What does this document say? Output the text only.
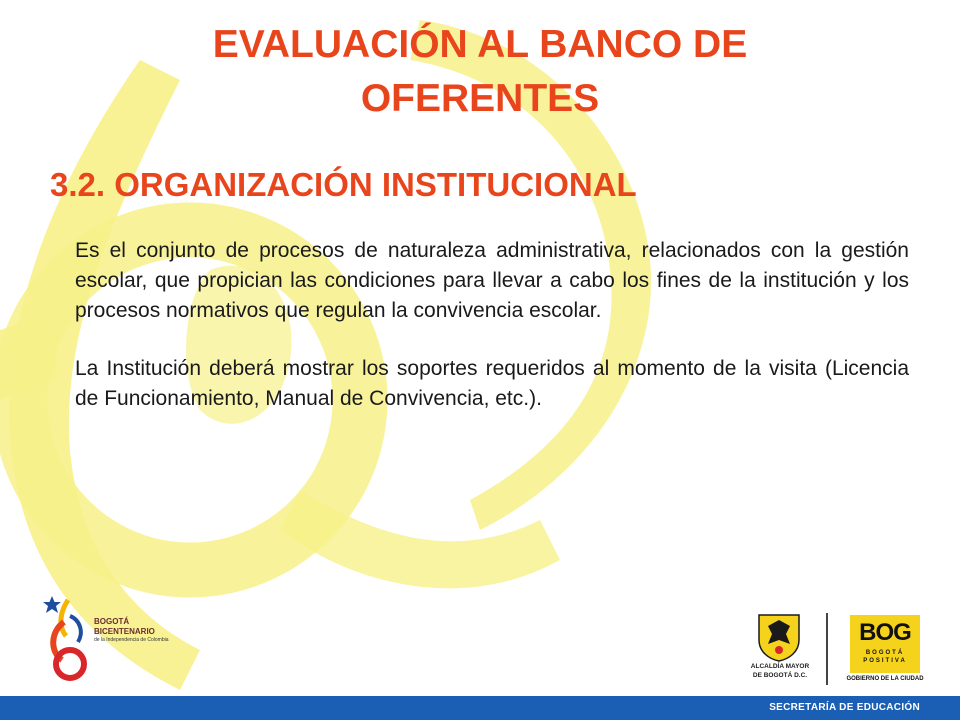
EVALUACIÓN AL BANCO DE
OFERENTES
3.2. ORGANIZACIÓN INSTITUCIONAL

Es el conjunto de procesos de naturaleza administrativa, relacionados con la gestión escolar, que propician las condiciones para llevar a cabo los fines de la institución y los procesos normativos que regulan la convivencia escolar.

La Institución deberá mostrar los soportes requeridos al momento de la visita (Licencia de Funcionamiento, Manual de Convivencia, etc.).

BOGOTÁ
BICENTENARIO
de la Independencia de Colombia
ALCALDÍA MAYOR
DE BOGOTÁ D.C.
BOG
BOGOTÁ
POSITIVA
GOBIERNO DE LA CIUDAD
SECRETARÍA DE EDUCACIÓN
